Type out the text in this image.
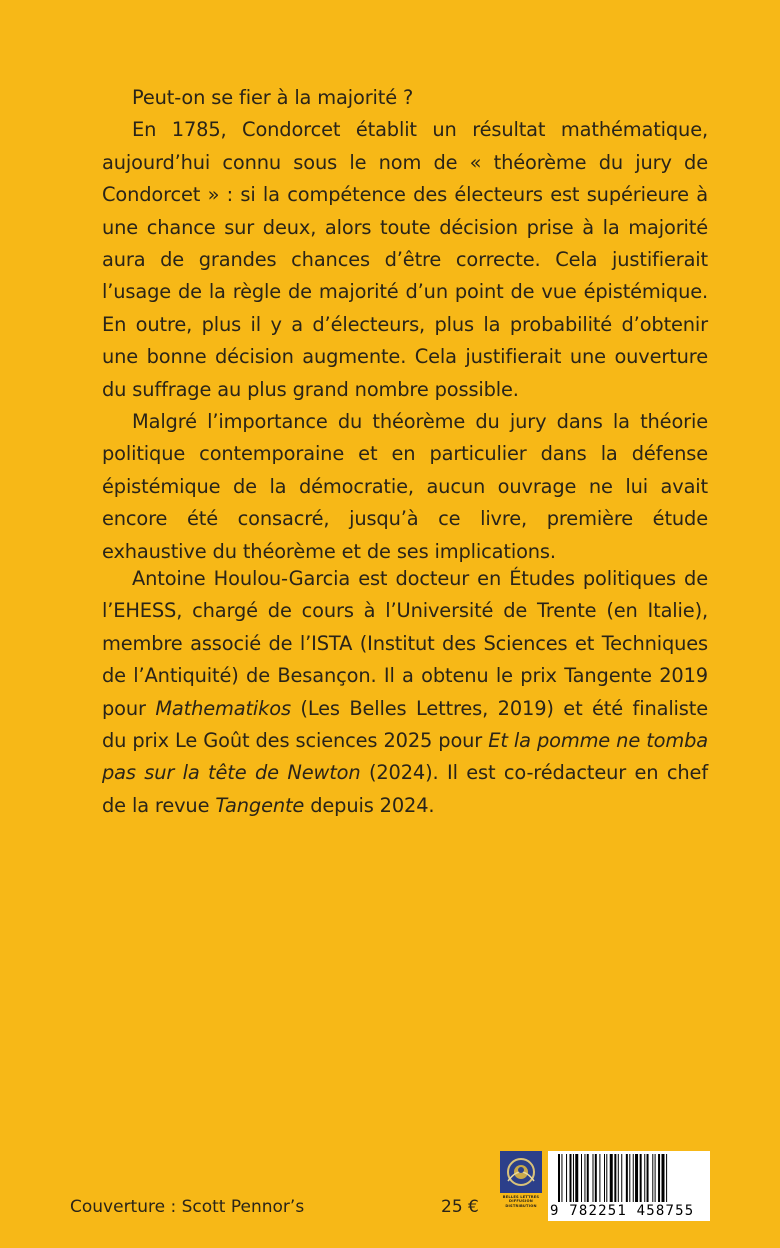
Peut-on se fier à la majorité ?

En 1785, Condorcet établit un résultat mathématique, aujourd’hui connu sous le nom de « théorème du jury de Condorcet » : si la compétence des électeurs est supérieure à une chance sur deux, alors toute décision prise à la majorité aura de grandes chances d’être correcte. Cela justifierait l’usage de la règle de majorité d’un point de vue épistémique. En outre, plus il y a d’électeurs, plus la probabilité d’obtenir une bonne décision augmente. Cela justifierait une ouverture du suffrage au plus grand nombre possible.

Malgré l’importance du théorème du jury dans la théorie politique contemporaine et en particulier dans la défense épistémique de la démocratie, aucun ouvrage ne lui avait encore été consacré, jusqu’à ce livre, première étude exhaustive du théorème et de ses implications.

Antoine Houlou-Garcia est docteur en Études politiques de l’EHESS, chargé de cours à l’Université de Trente (en Italie), membre associé de l’ISTA (Institut des Sciences et Techniques de l’Antiquité) de Besançon. Il a obtenu le prix Tangente 2019 pour Mathematikos (Les Belles Lettres, 2019) et été finaliste du prix Le Goût des sciences 2025 pour Et la pomme ne tomba pas sur la tête de Newton (2024). Il est co-rédacteur en chef de la revue Tangente depuis 2024.

BELLES LETTRES DIFFUSION DISTRIBUTION 9 782251 458755
Couverture : Scott Pennor’s	25 €
